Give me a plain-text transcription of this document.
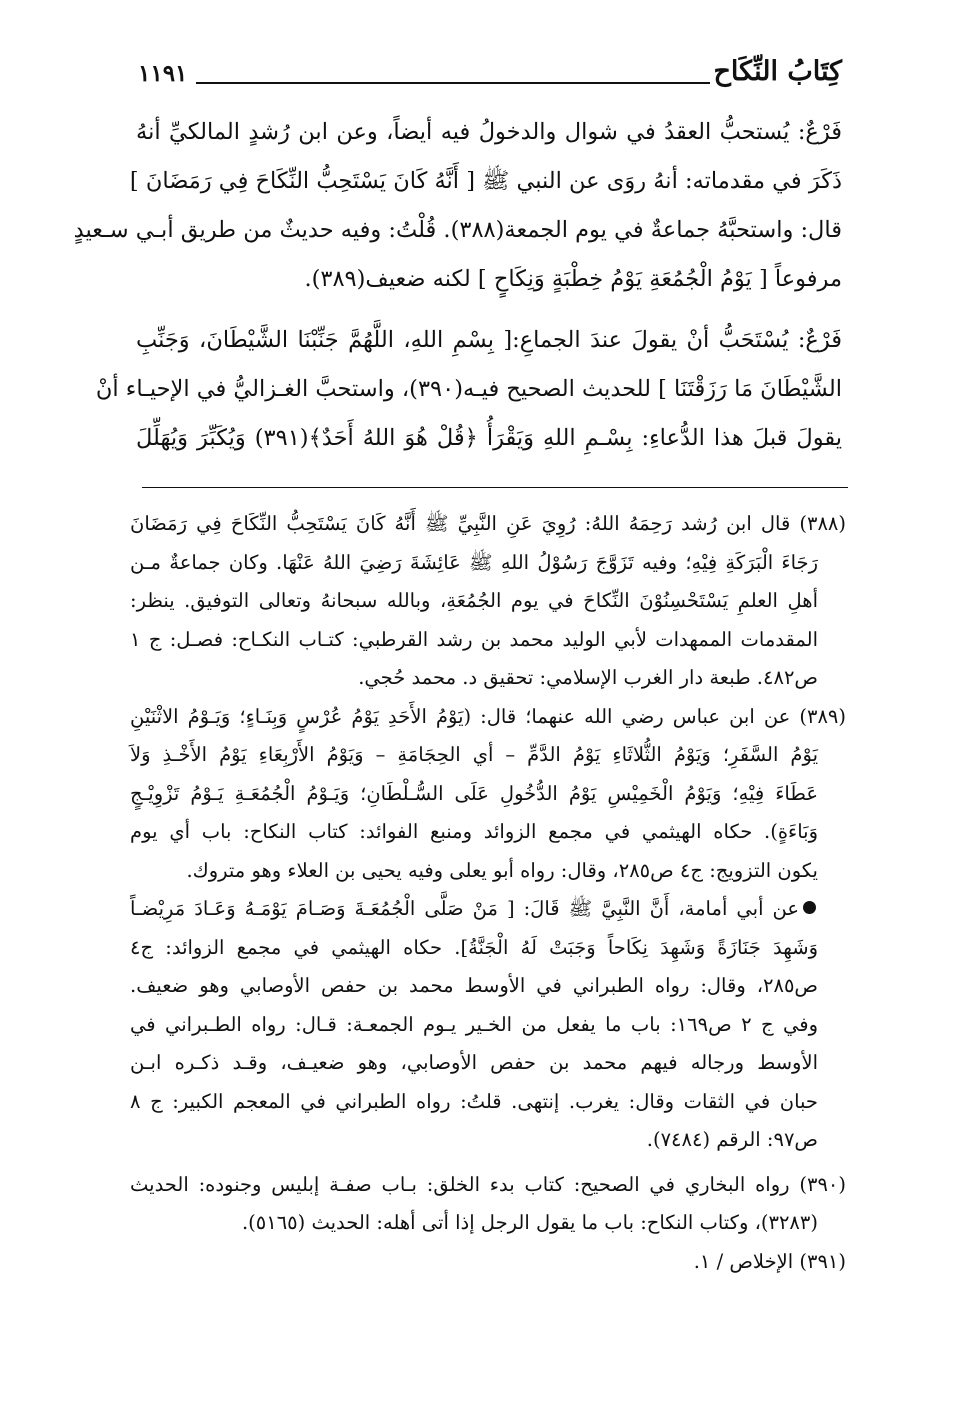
كِتَابُ النِّكَاح
١١٩١
فَرْعٌ: يُستحبُّ العقدُ في شوال والدخولُ فيه أيضاً، وعن ابن رُشدٍ المالكيِّ أنهُ
ذَكَرَ في مقدماته: أنهُ روَى عن النبي ﷺ [ أَنَّهُ كَانَ يَسْتَحِبُّ النِّكَاحَ فِي رَمَضَانَ ]
قال: واستحبَّهُ جماعةٌ في يوم الجمعة(٣٨٨). قُلْتُ: وفيه حديثٌ من طريق أبـي سـعيدٍ
مرفوعاً [ يَوْمُ الْجُمُعَةِ يَوْمُ خِطْبَةٍ وَنِكَاحٍ ] لكنه ضعيف(٣٨٩).
فَرْعٌ: يُسْتَحَبُّ أنْ يقولَ عندَ الجماعِ:[ بِسْمِ اللهِ، اللَّهُمَّ جَنِّبْنَا الشَّيْطَانَ، وَجَنِّبِ
الشَّيْطَانَ مَا رَزَقْتَنَا ] للحديث الصحيح فيـه(٣٩٠)، واستحبَّ الغـزاليُّ في الإحيـاء أنْ
يقولَ قبلَ هذا الدُّعاءِ: بِسْـمِ اللهِ وَيَقْرَأُ ﴿قُلْ هُوَ اللهُ أَحَدٌ﴾(٣٩١) وَيُكَبِّرَ وَيُهَلِّلَ
(٣٨٨) قال ابن رُشد رَحِمَهُ اللهُ: رُوِيَ عَنِ النَّبِيِّ ﷺ أَنَّهُ كَانَ يَسْتَحِبُّ النِّكَاحَ فِي رَمَضَانَ
رَجَاءَ الْبَرَكَةِ فِيْهِ؛ وفيه تَزَوَّجَ رَسُوْلُ اللهِ ﷺ عَائِشَةَ رَضِيَ اللهُ عَنْهَا. وكان جماعةٌ مـن
أهلِ العلمِ يَسْتَحْسِنُوْنَ النِّكاحَ في يوم الجُمُعَةِ، وبالله سبحانهُ وتعالى التوفيق. ينظر:
المقدمات الممهدات لأبي الوليد محمد بن رشد القرطبي: كتـاب النكـاح: فصـل: ج ١
ص٤٨٢. طبعة دار الغرب الإسلامي: تحقيق د. محمد حُجي.
(٣٨٩) عن ابن عباس رضي الله عنهما؛ قال: (يَوْمُ الأَحَدِ يَوْمُ عُرْسٍ وَبِنَـاءٍ؛ وَيَـوْمُ الاثْنَيْنِ
يَوْمُ السَّفَرِ؛ وَيَوْمُ الثُّلاثَاءِ يَوْمُ الدَّمِّ – أي الحِجَامَةِ – وَيَوْمُ الأَرْبِعَاءِ يَوْمُ الأَخْـذِ وَلاَ
عَطَاءَ فِيْهِ؛ وَيَوْمُ الْخَمِيْسِ يَوْمُ الدُّخُولِ عَلَى السُّـلْطَانِ؛ وَيَـوْمُ الْجُمُعَـةِ يَـوْمُ تَزْوِيْـجٍ
وَبَاءَةٍ). حكاه الهيثمي في مجمع الزوائد ومنبع الفوائد: كتاب النكاح: باب أي يوم
يكون التزويج: ج٤ ص٢٨٥، وقال: رواه أبو يعلى وفيه يحيى بن العلاء وهو متروك.
عن أبي أمامة، أَنَّ النَّبِيَّ ﷺ قَالَ: [ مَنْ صَلَّى الْجُمُعَـةَ وَصَـامَ يَوْمَـهُ وَعَـادَ مَرِيْضـاً
وَشَهِدَ جَنَازَةً وَشَهِدَ نِكَاحاً وَجَبَتْ لَهُ الْجَنَّةُ]. حكاه الهيثمي في مجمع الزوائد: ج٤
ص٢٨٥، وقال: رواه الطبراني في الأوسط محمد بن حفص الأوصابي وهو ضعيف.
وفي ج ٢ ص١٦٩: باب ما يفعل من الخـير يـوم الجمعـة: قـال: رواه الطـبراني في
الأوسط ورجاله فيهم محمد بن حفص الأوصابي، وهو ضعيـف، وقـد ذكـره ابـن
حبان في الثقات وقال: يغرب. إنتهى. قلتُ: رواه الطبراني في المعجم الكبير: ج ٨
ص٩٧: الرقم (٧٤٨٤).
(٣٩٠) رواه البخاري في الصحيح: كتاب بدء الخلق: بـاب صفـة إبليس وجنوده: الحديث
(٣٢٨٣)، وكتاب النكاح: باب ما يقول الرجل إذا أتى أهله: الحديث (٥١٦٥).
(٣٩١) الإخلاص / ١.
